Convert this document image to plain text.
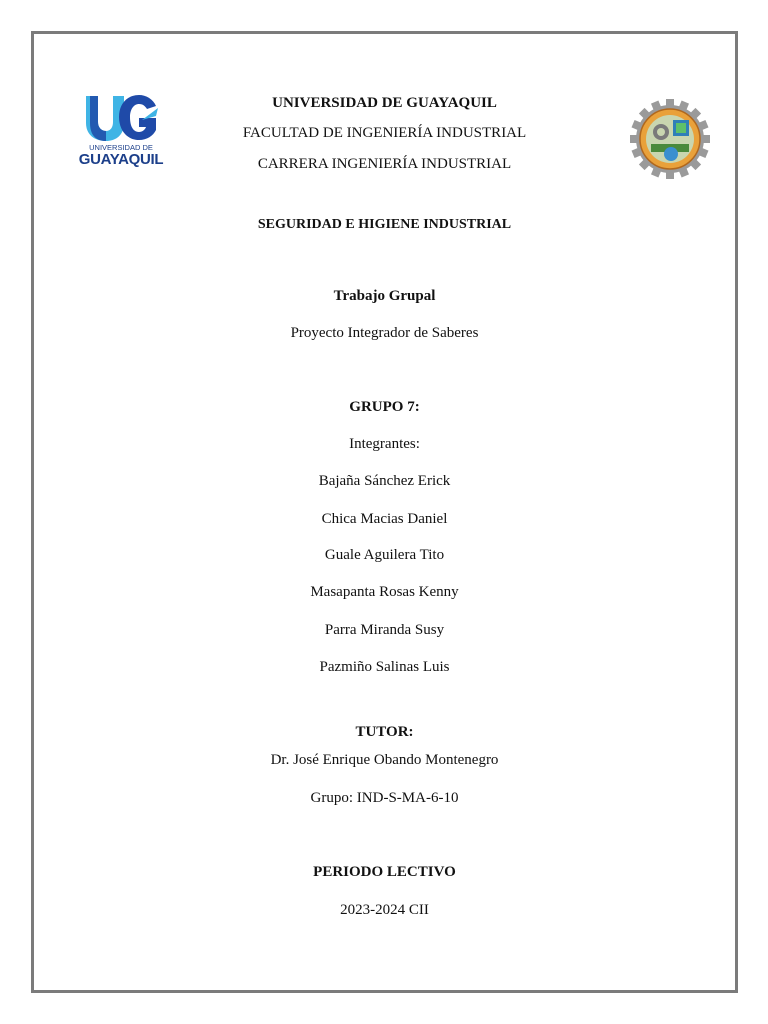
UNIVERSIDAD DE
GUAYAQUIL
UNIVERSIDAD DE GUAYAQUIL
FACULTAD DE INGENIERÍA INDUSTRIAL
CARRERA INGENIERÍA INDUSTRIAL
SEGURIDAD E HIGIENE INDUSTRIAL
Trabajo Grupal
Proyecto Integrador de Saberes
GRUPO 7:
Integrantes:
Bajaña Sánchez Erick
Chica Macias Daniel
Guale Aguilera Tito
Masapanta Rosas Kenny
Parra Miranda Susy
Pazmiño Salinas Luis
TUTOR:
Dr. José Enrique Obando Montenegro
Grupo: IND-S-MA-6-10
PERIODO LECTIVO
2023-2024 CII
